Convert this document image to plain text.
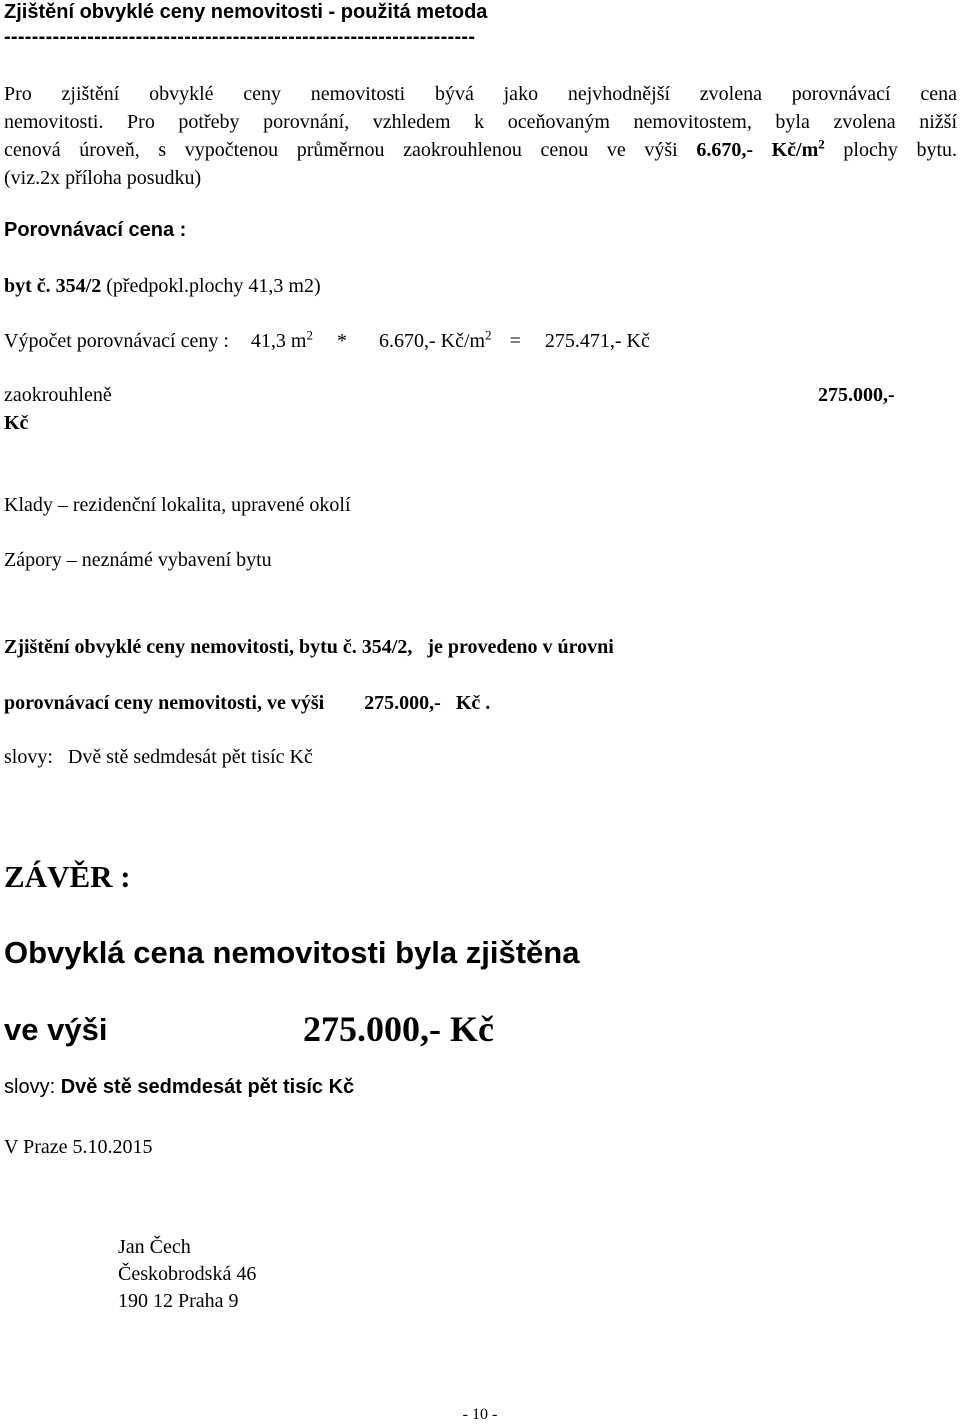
Zjištění obvyklé ceny nemovitosti - použitá metoda
--------------------------------------------------------------------
Pro zjištění obvyklé ceny nemovitosti bývá jako nejvhodnější zvolena porovnávací cena
nemovitosti. Pro potřeby porovnání, vzhledem k oceňovaným nemovitostem, byla zvolena nižší
cenová úroveň, s vypočtenou průměrnou zaokrouhlenou cenou ve výši 6.670,- $Kč/m^2$ plochy bytu.
(viz.2x příloha posudku)
Porovnávací cena :
byt č. 354/2 (předpokl.plochy 41,3 m2)
Výpočet porovnávací ceny : 41,3 $m^2 * 6.670,-$ $Kč/m^2 = 275.471,-$ Kč
zaokrouhleně	275.000,-
Kč
Klady – rezidenční lokalita, upravené okolí
Zápory – neznámé vybavení bytu
Zjištění obvyklé ceny nemovitosti, bytu č. 354/2,   je provedeno v úrovni
porovnávací ceny nemovitosti, ve výši 275.000,-   Kč .
slovy:   Dvě stě sedmdesát pět tisíc Kč
ZÁVĚR :
Obvyklá cena nemovitosti byla zjištěna
ve výši	275.000,- Kč
slovy: Dvě stě sedmdesát pět tisíc Kč
V Praze 5.10.2015
Jan Čech
Českobrodská 46
190 12 Praha 9
- 10 -
